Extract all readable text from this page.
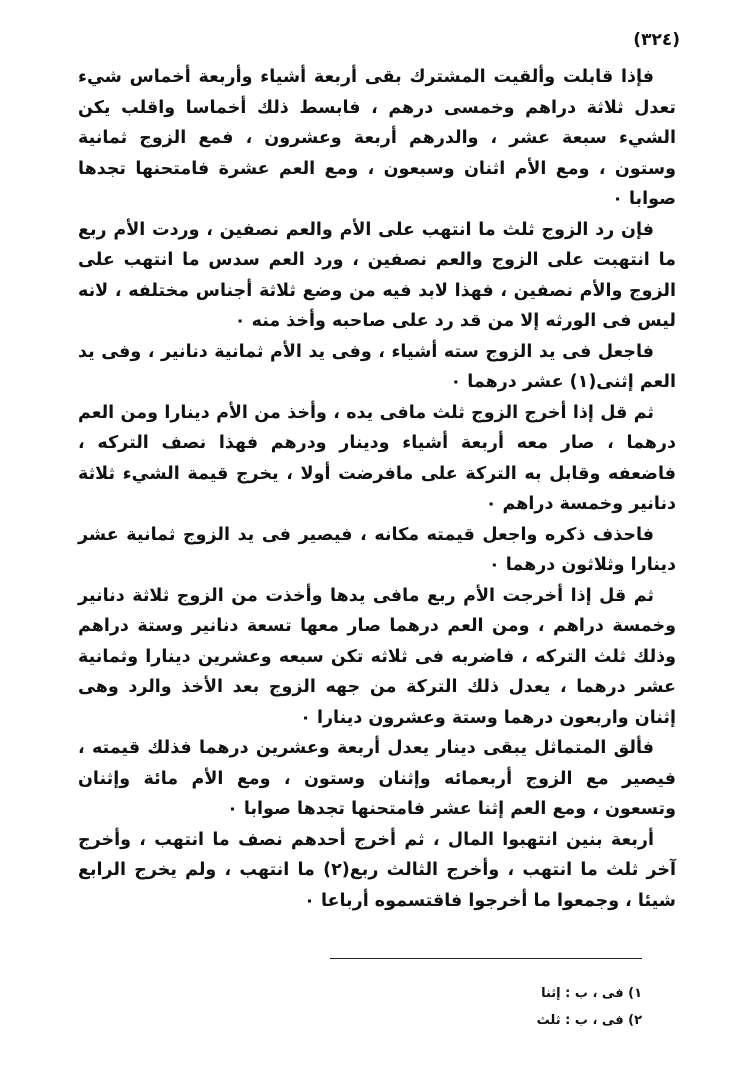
(٣٢٤)

فإذا قابلت وألقيت المشترك بقى أربعة أشياء وأربعة أخماس شيء تعدل ثلاثة دراهم وخمسى درهم ، فابسط ذلك أخماسا واقلب يكن الشيء سبعة عشر ، والدرهم أربعة وعشرون ، فمع الزوج ثمانية وستون ، ومع الأم اثنان وسبعون ، ومع العم عشرة فامتحنها تجدها صوابا ٠

فإن رد الزوج ثلث ما انتهب على الأم والعم نصفين ، وردت الأم ربع ما انتهبت على الزوج والعم نصفين ، ورد العم سدس ما انتهب على الزوج والأم نصفين ، فهذا لابد فيه من وضع ثلاثة أجناس مختلفه ، لانه ليس فى الورثه إلا من قد رد على صاحبه وأخذ منه ٠

فاجعل فى يد الزوج سته أشياء ، وفى يد الأم ثمانية دنانير ، وفى يد العم إثنى(١) عشر درهما ٠

ثم قل إذا أخرج الزوج ثلث مافى يده ، وأخذ من الأم دينارا ومن العم درهما ، صار معه أربعة أشياء ودينار ودرهم فهذا نصف التركه ، فاضعفه وقابل به التركة على مافرضت أولا ، يخرج قيمة الشيء ثلاثة دنانير وخمسة دراهم ٠

فاحذف ذكره واجعل قيمته مكانه ، فيصير فى يد الزوج ثمانية عشر دينارا وثلاثون درهما ٠

ثم قل إذا أخرجت الأم ربع مافى يدها وأخذت من الزوج ثلاثة دنانير وخمسة دراهم ، ومن العم درهما صار معها تسعة دنانير وستة دراهم وذلك ثلث التركه ، فاضربه فى ثلاثه تكن سبعه وعشرين دينارا وثمانية عشر درهما ، يعدل ذلك التركة من جهه الزوج بعد الأخذ والرد وهى إثنان واربعون درهما وستة وعشرون دينارا ٠

فألق المتماثل يبقى دينار يعدل أربعة وعشرين درهما فذلك قيمته ، فيصير مع الزوج أربعمائه وإثنان وستون ، ومع الأم مائة وإثنان وتسعون ، ومع العم إثنا عشر فامتحنها تجدها صوابا ٠

أربعة بنين انتهبوا المال ، ثم أخرج أحدهم نصف ما انتهب ، وأخرج آخر ثلث ما انتهب ، وأخرج الثالث ربع(٢) ما انتهب ، ولم يخرج الرابع شيئا ، وجمعوا ما أخرجوا فاقتسموه أرباعا ٠

١) فى ، ب : إثنا
٢) فى ، ب : ثلث
